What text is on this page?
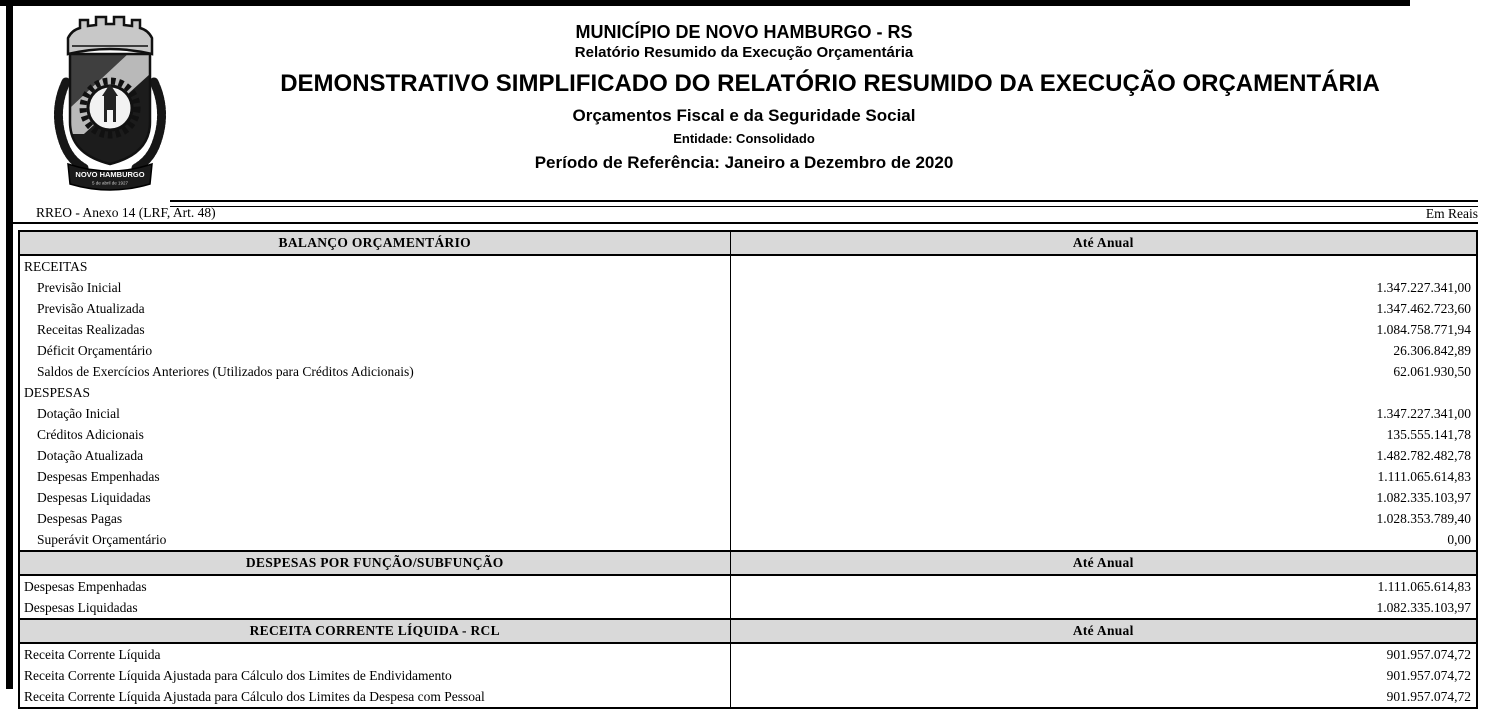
NOVO HAMBURGO
5 de abril de 1927
MUNICÍPIO DE NOVO HAMBURGO - RS
Relatório Resumido da Execução Orçamentária
DEMONSTRATIVO SIMPLIFICADO DO RELATÓRIO RESUMIDO DA EXECUÇÃO ORÇAMENTÁRIA
Orçamentos Fiscal e da Seguridade Social
Entidade: Consolidado
Período de Referência: Janeiro a Dezembro de 2020
RREO - Anexo 14 (LRF, Art. 48)	Em Reais
BALANÇO ORÇAMENTÁRIO	Até Anual
RECEITAS	
Previsão Inicial	1.347.227.341,00
Previsão Atualizada	1.347.462.723,60
Receitas Realizadas	1.084.758.771,94
Déficit Orçamentário	26.306.842,89
Saldos de Exercícios Anteriores (Utilizados para Créditos Adicionais)	62.061.930,50
DESPESAS	
Dotação Inicial	1.347.227.341,00
Créditos Adicionais	135.555.141,78
Dotação Atualizada	1.482.782.482,78
Despesas Empenhadas	1.111.065.614,83
Despesas Liquidadas	1.082.335.103,97
Despesas Pagas	1.028.353.789,40
Superávit Orçamentário	0,00
DESPESAS POR FUNÇÃO/SUBFUNÇÃO	Até Anual
Despesas Empenhadas	1.111.065.614,83
Despesas Liquidadas	1.082.335.103,97
RECEITA CORRENTE LÍQUIDA - RCL	Até Anual
Receita Corrente Líquida	901.957.074,72
Receita Corrente Líquida Ajustada para Cálculo dos Limites de Endividamento	901.957.074,72
Receita Corrente Líquida Ajustada para Cálculo dos Limites da Despesa com Pessoal	901.957.074,72
